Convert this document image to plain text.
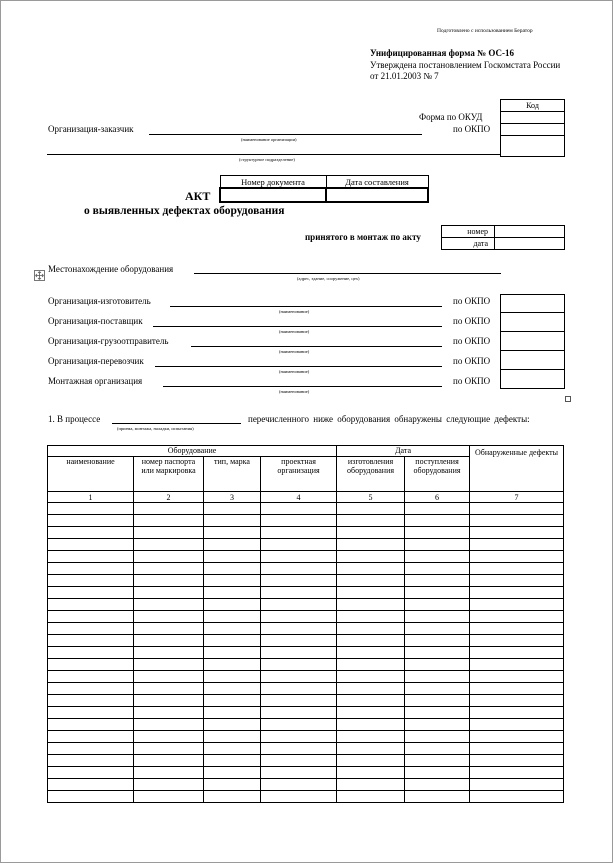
Подготовлено с использованием Бератор
Унифицированная форма № ОС-16
Утверждена постановлением Госкомстата России
от 21.01.2003 № 7
Код

Форма по ОКУД
по ОКПО
Организация-заказчик
(наименование организации)
(структурное подразделение)
Номер документа	Дата составления

АКТ
о выявленных дефектах оборудования
принятого в монтаж по акту
номер	
дата	
Местонахождение оборудования
(адрес, здание, сооружение, цех)
Организация-изготовитель
(наименование)
по ОКПО
Организация-поставщик
(наименование)
по ОКПО
Организация-грузоотправитель
(наименование)
по ОКПО
Организация-перевозчик
(наименование)
по ОКПО
Монтажная организация
(наименование)
по ОКПО

1. В процессе
(приема, монтажа, наладки, испытания)
перечисленного ниже оборудования обнаружены следующие дефекты:
Оборудование				Дата		Обнаруженные дефекты
наименование	номер паспорта или маркировка	тип, марка	проектная организация	изготовления оборудования	поступления оборудования	
1	2	3	4	5	6	7
